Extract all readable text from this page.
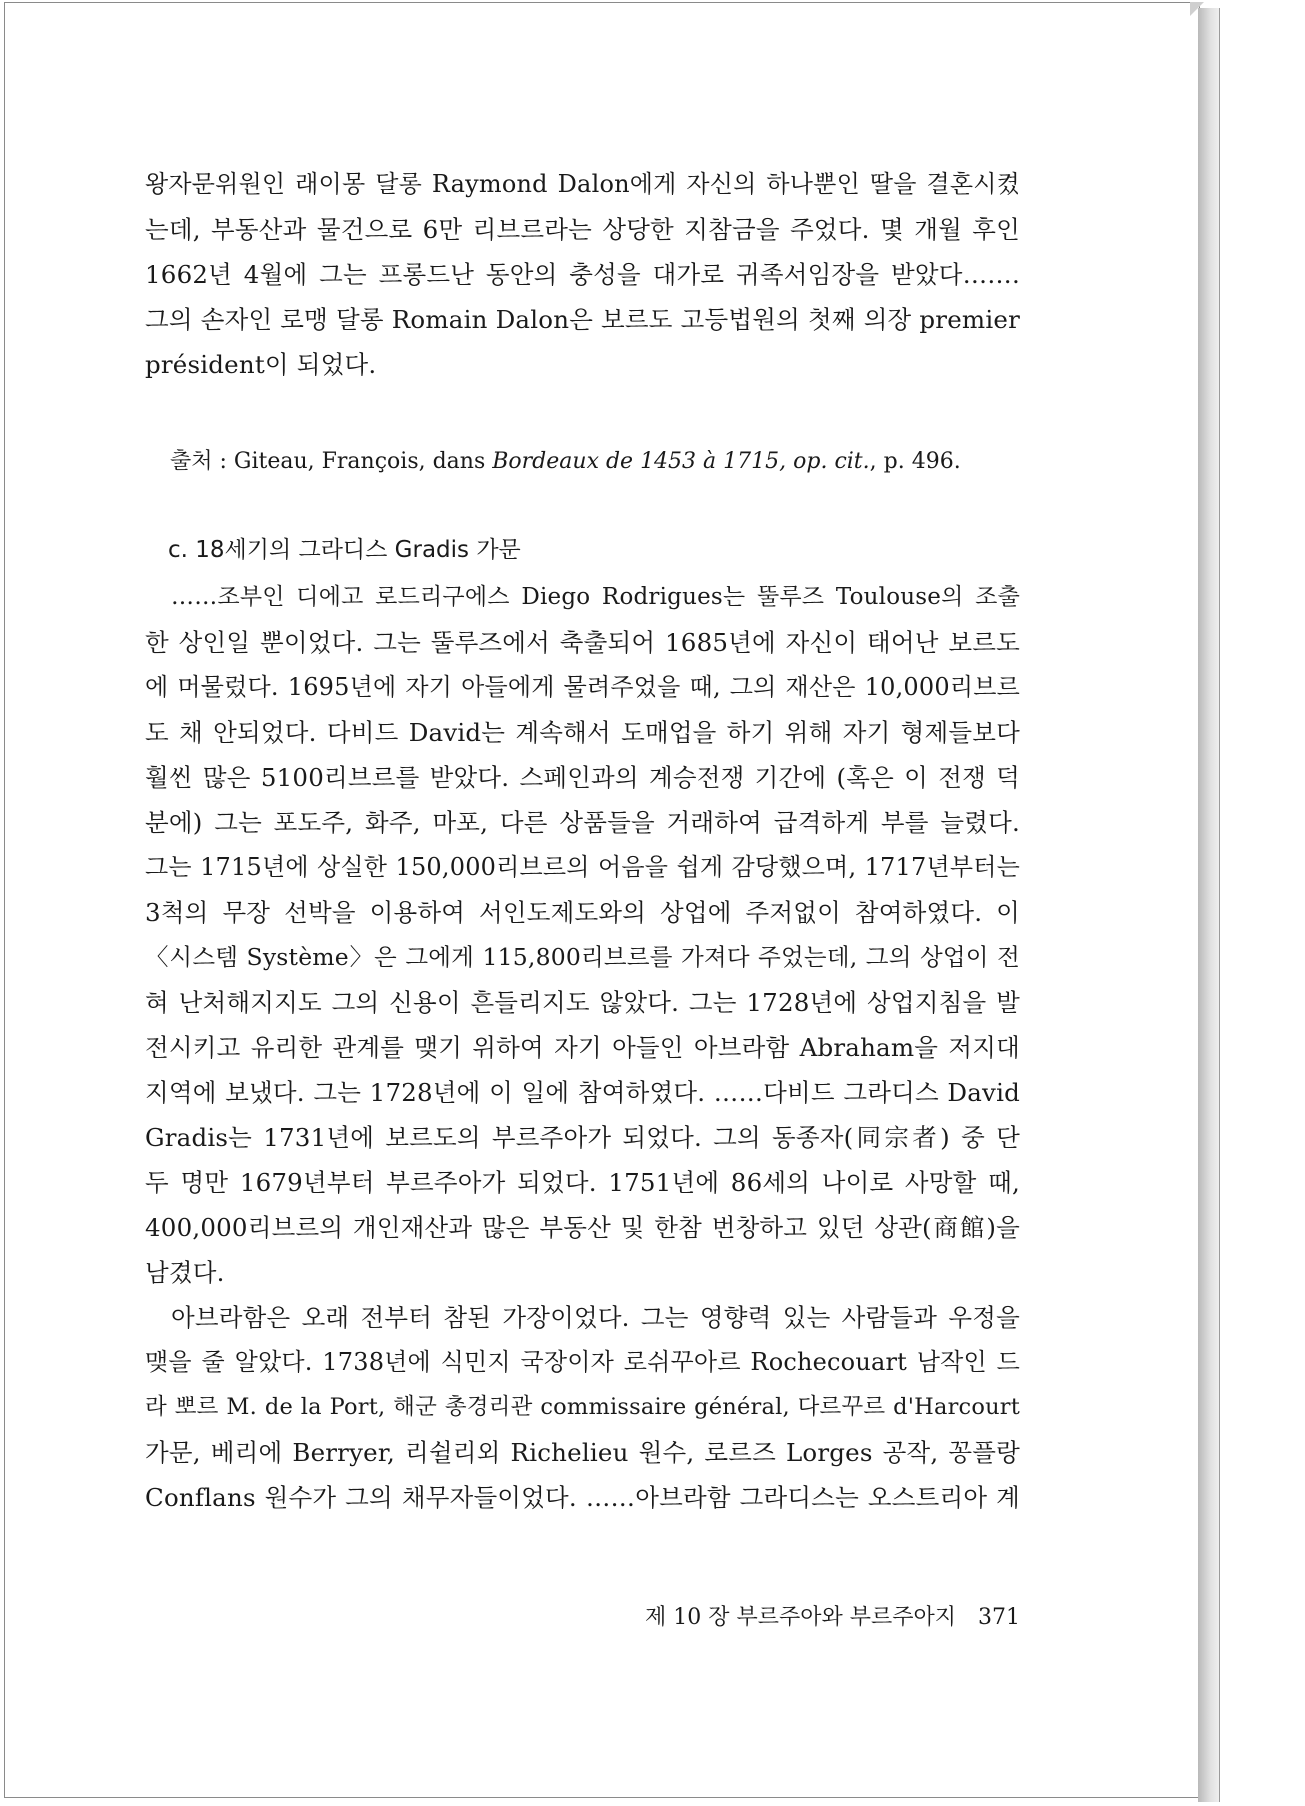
왕자문위원인 래이몽 달롱 Raymond Dalon에게 자신의 하나뿐인 딸을 결혼시켰
는데, 부동산과 물건으로 6만 리브르라는 상당한 지참금을 주었다. 몇 개월 후인
1662년 4월에 그는 프롱드난 동안의 충성을 대가로 귀족서임장을 받았다…….
그의 손자인 로맹 달롱 Romain Dalon은 보르도 고등법원의 첫째 의장 premier
président이 되었다.
출처 : Giteau, François, dans Bordeaux de 1453 à 1715, op. cit., p. 496.
c. 18세기의 그라디스 Gradis 가문
……조부인 디에고 로드리구에스 Diego Rodrigues는 뚤루즈 Toulouse의 조출
한 상인일 뿐이었다. 그는 뚤루즈에서 축출되어 1685년에 자신이 태어난 보르도
에 머물렀다. 1695년에 자기 아들에게 물려주었을 때, 그의 재산은 10,000리브르
도 채 안되었다. 다비드 David는 계속해서 도매업을 하기 위해 자기 형제들보다
훨씬 많은 5100리브르를 받았다. 스페인과의 계승전쟁 기간에 (혹은 이 전쟁 덕
분에) 그는 포도주, 화주, 마포, 다른 상품들을 거래하여 급격하게 부를 늘렸다.
그는 1715년에 상실한 150,000리브르의 어음을 쉽게 감당했으며, 1717년부터는
3척의 무장 선박을 이용하여 서인도제도와의 상업에 주저없이 참여하였다. 이
〈시스템 Système〉은 그에게 115,800리브르를 가져다 주었는데, 그의 상업이 전
혀 난처해지지도 그의 신용이 흔들리지도 않았다. 그는 1728년에 상업지침을 발
전시키고 유리한 관계를 맺기 위하여 자기 아들인 아브라함 Abraham을 저지대
지역에 보냈다. 그는 1728년에 이 일에 참여하였다. ……다비드 그라디스 David
Gradis는 1731년에 보르도의 부르주아가 되었다. 그의 동종자(同宗者) 중 단
두 명만 1679년부터 부르주아가 되었다. 1751년에 86세의 나이로 사망할 때,
400,000리브르의 개인재산과 많은 부동산 및 한참 번창하고 있던 상관(商館)을
남겼다.
아브라함은 오래 전부터 참된 가장이었다. 그는 영향력 있는 사람들과 우정을
맺을 줄 알았다. 1738년에 식민지 국장이자 로쉬꾸아르 Rochecouart 남작인 드
라 뽀르 M. de la Port, 해군 총경리관 commissaire général, 다르꾸르 d'Harcourt
가문, 베리에 Berryer, 리쉴리외 Richelieu 원수, 로르즈 Lorges 공작, 꽁플랑
Conflans 원수가 그의 채무자들이었다. ……아브라함 그라디스는 오스트리아 계
제 10 장 부르주아와 부르주아지 371
